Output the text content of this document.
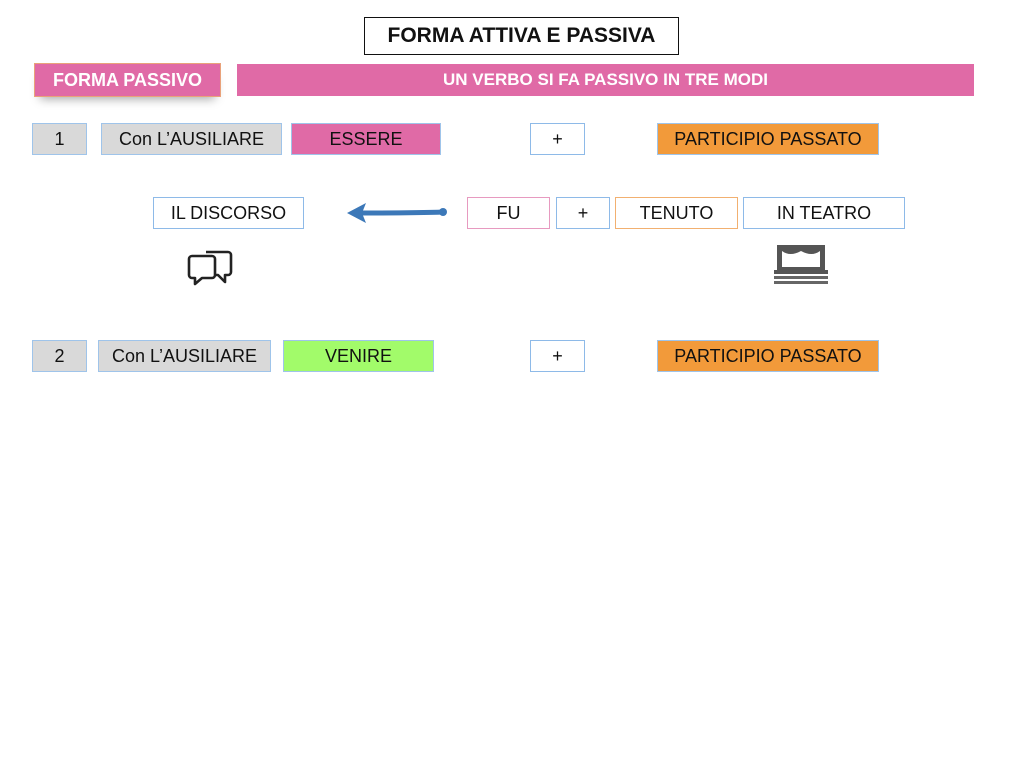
FORMA ATTIVA E PASSIVA
FORMA PASSIVO	UN VERBO SI FA PASSIVO IN TRE MODI
1	Con L’AUSILIARE	ESSERE	+	PARTICIPIO PASSATO
IL DISCORSO	FU	+	TENUTO	IN TEATRO
2	Con L’AUSILIARE	VENIRE	+	PARTICIPIO PASSATO
